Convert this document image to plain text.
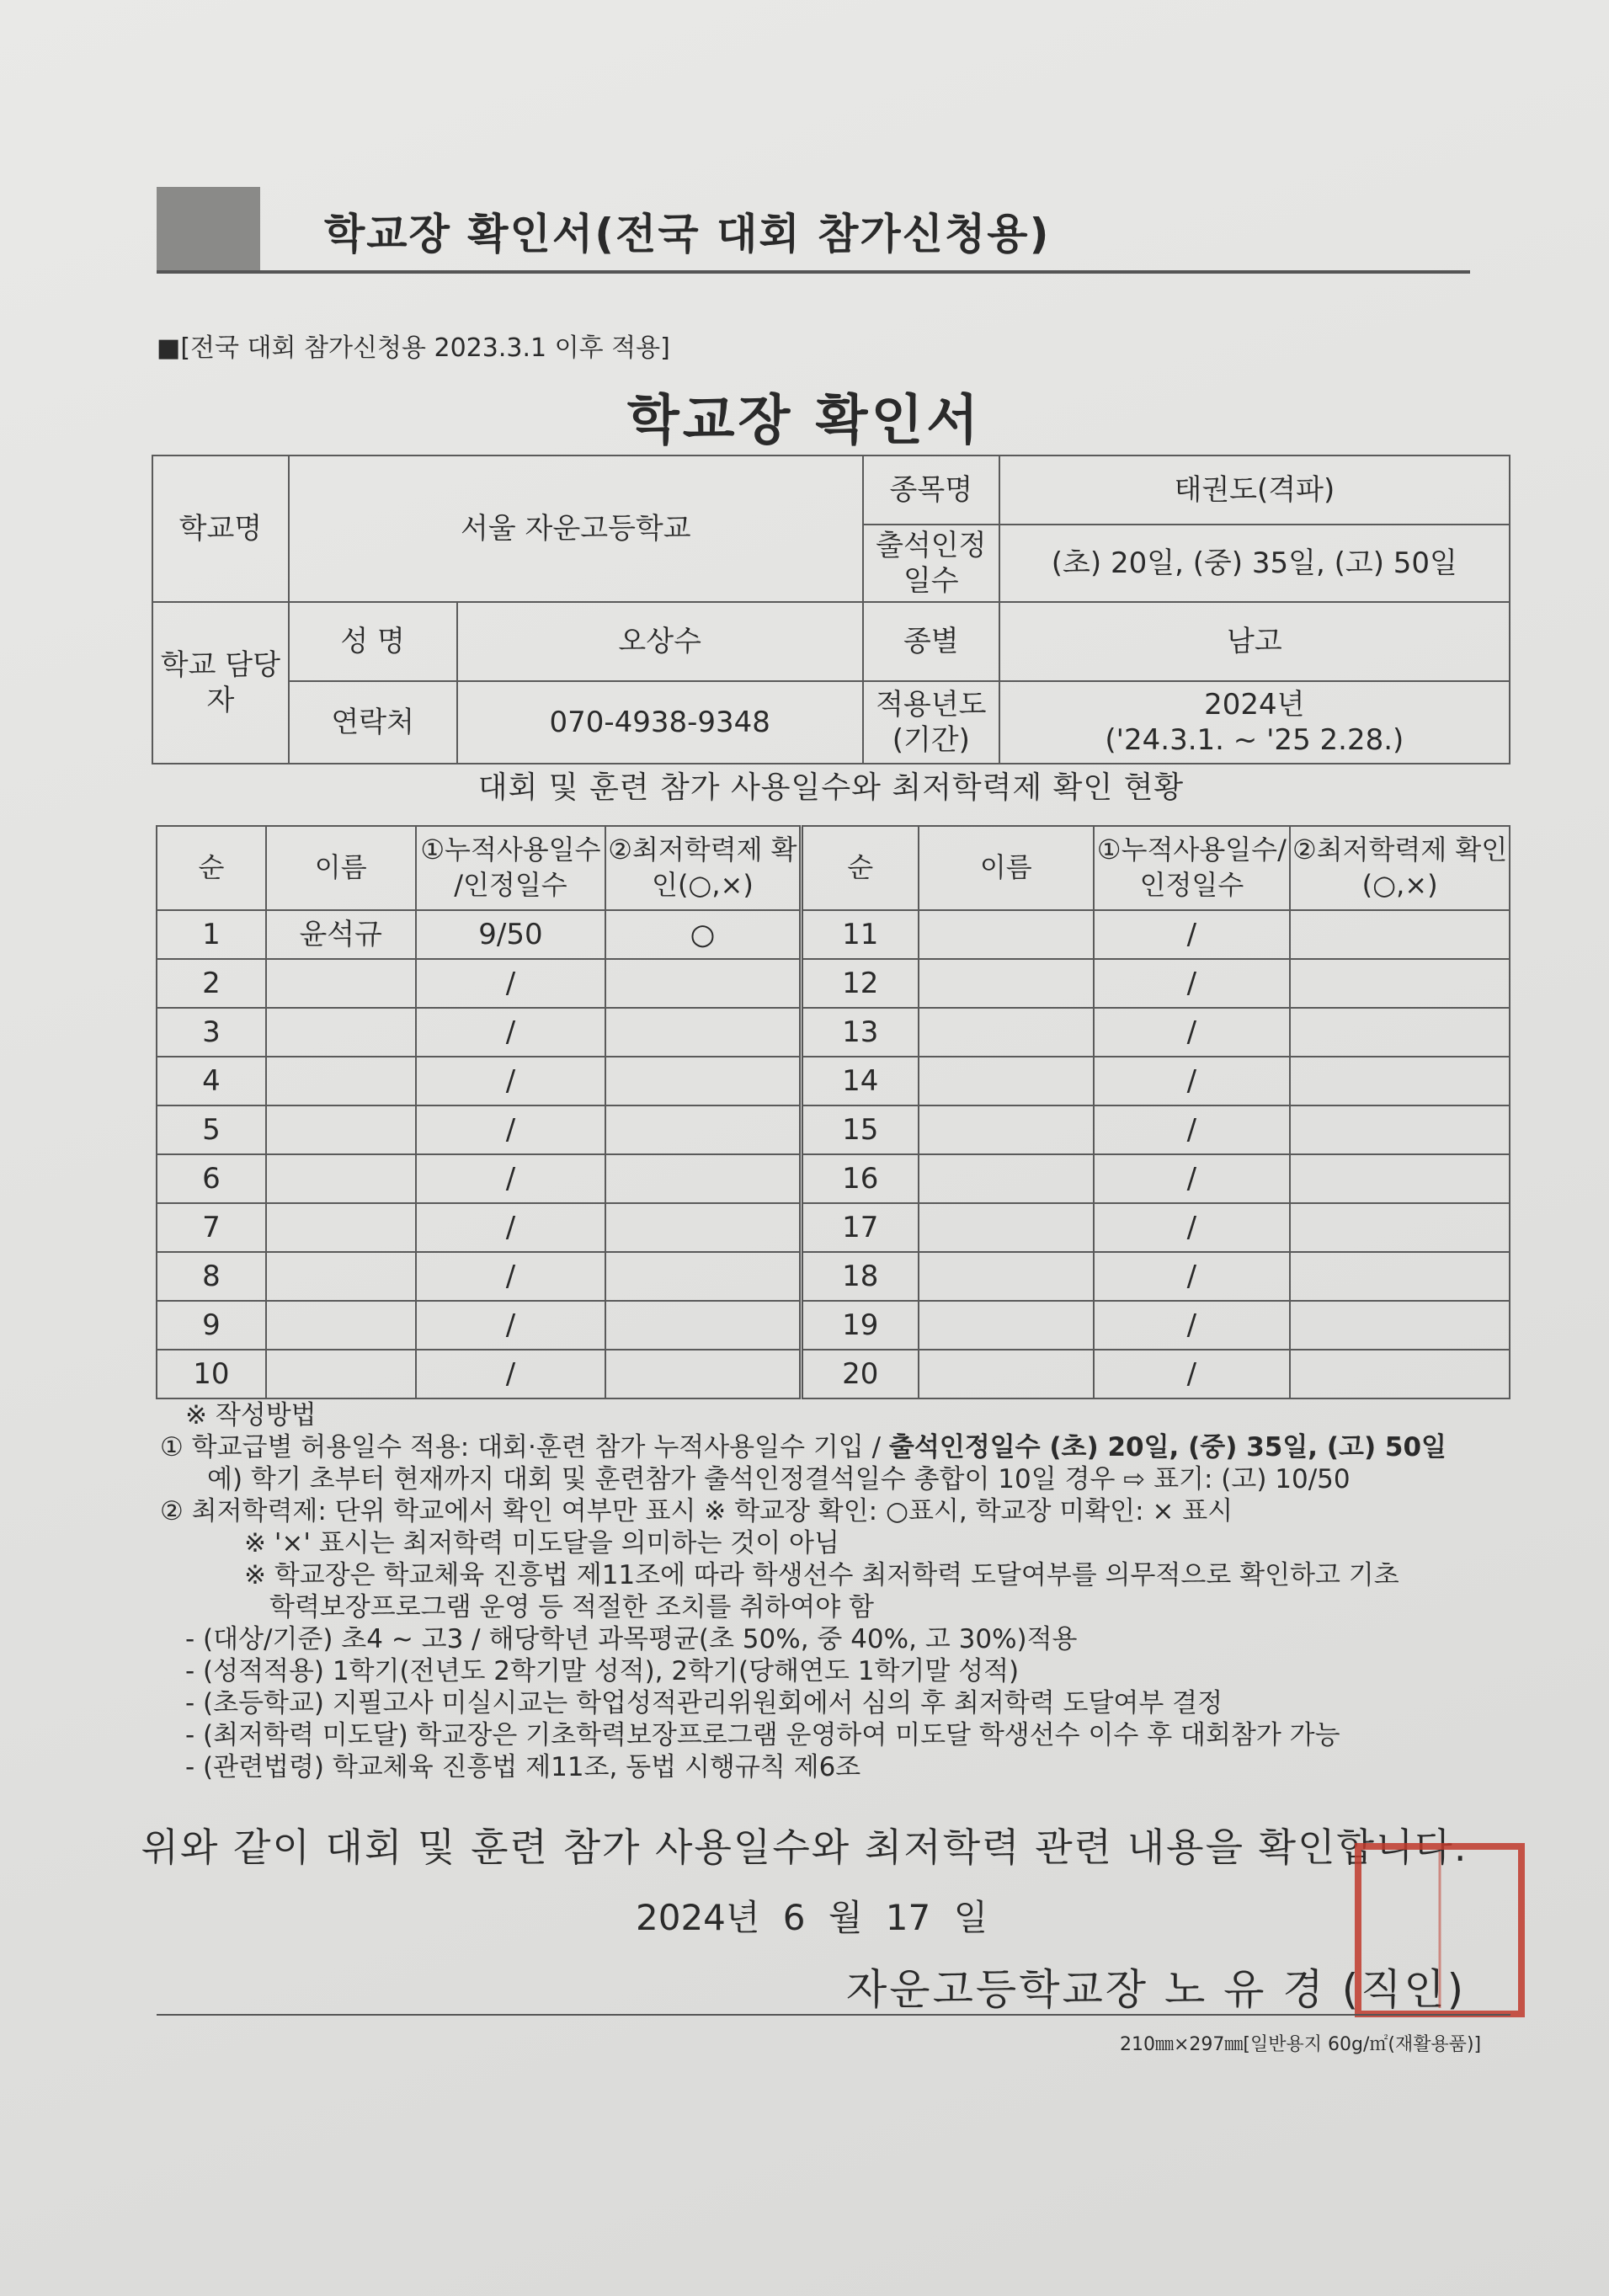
학교장 확인서(전국 대회 참가신청용)
■[전국 대회 참가신청용 2023.3.1 이후 적용]
학교장 확인서
학교명	서울 자운고등학교		종목명	태권도(격파)
			출석인정 일수	(초) 20일, (중) 35일, (고) 50일
학교 담당자	성 명	오상수	종별	남고
	연락처	070-4938-9348	적용년도 (기간)	2024년
('24.3.1. ~ '25 2.28.)
대회 및 훈련 참가 사용일수와 최저학력제 확인 현황
순	이름	①누적사용일수 /인정일수	②최저학력제 확인(○,×)	순	이름	①누적사용일수/ 인정일수	②최저학력제 확인(○,×)
1	윤석규	9/50	○	11		/	
2		/		12		/	
3		/		13		/	
4		/		14		/	
5		/		15		/	
6		/		16		/	
7		/		17		/	
8		/		18		/	
9		/		19		/	
10		/		20		/	
※ 작성방법
① 학교급별 허용일수 적용: 대회·훈련 참가 누적사용일수 기입 / 출석인정일수 (초) 20일, (중) 35일, (고) 50일
예) 학기 초부터 현재까지 대회 및 훈련참가 출석인정결석일수 총합이 10일 경우 ⇨ 표기: (고) 10/50
② 최저학력제: 단위 학교에서 확인 여부만 표시 ※ 학교장 확인: ○표시, 학교장 미확인: × 표시
※ '×' 표시는 최저학력 미도달을 의미하는 것이 아님
※ 학교장은 학교체육 진흥법 제11조에 따라 학생선수 최저학력 도달여부를 의무적으로 확인하고 기초
학력보장프로그램 운영 등 적절한 조치를 취하여야 함
- (대상/기준) 초4 ~ 고3 / 해당학년 과목평균(초 50%, 중 40%, 고 30%)적용
- (성적적용) 1학기(전년도 2학기말 성적), 2학기(당해연도 1학기말 성적)
- (초등학교) 지필고사 미실시교는 학업성적관리위원회에서 심의 후 최저학력 도달여부 결정
- (최저학력 미도달) 학교장은 기초학력보장프로그램 운영하여 미도달 학생선수 이수 후 대회참가 가능
- (관련법령) 학교체육 진흥법 제11조, 동법 시행규칙 제6조
위와 같이 대회 및 훈련 참가 사용일수와 최저학력 관련 내용을 확인합니다.
2024년 6 월 17 일
자운고등학교장 노 유 경 (직인)
210㎜×297㎜[일반용지 60g/㎡(재활용품)]
